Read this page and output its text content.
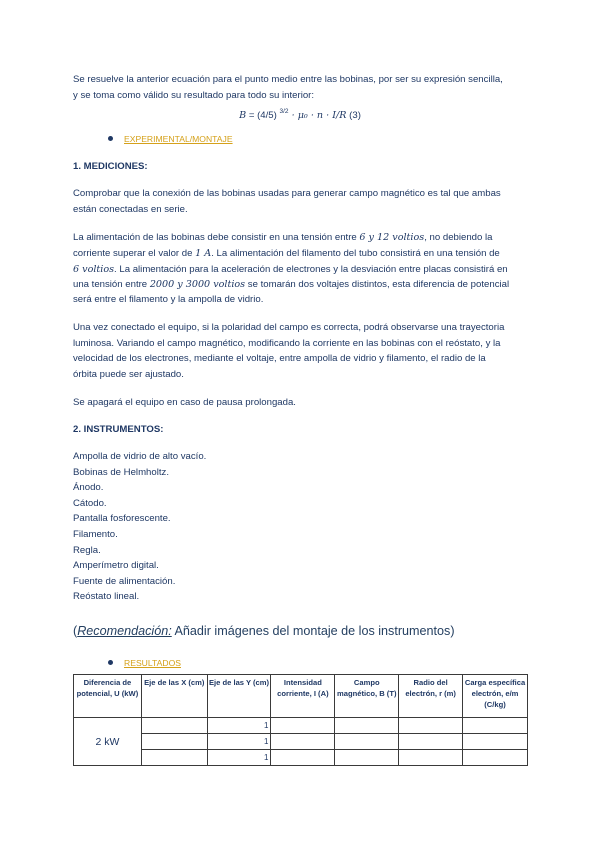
Se resuelve la anterior ecuación para el punto medio entre las bobinas, por ser su expresión sencilla,
y se toma como válido su resultado para todo su interior:
B = (4/5) $^{3/2}$ · μ₀ · n · I/R (3)
EXPERIMENTAL/MONTAJE
1. MEDICIONES:
Comprobar que la conexión de las bobinas usadas para generar campo magnético es tal que ambas
están conectadas en serie.
La alimentación de las bobinas debe consistir en una tensión entre 6 y 12 voltios, no debiendo la
corriente superar el valor de 1 A. La alimentación del filamento del tubo consistirá en una tensión de
6 voltios. La alimentación para la aceleración de electrones y la desviación entre placas consistirá en
una tensión entre 2000 y 3000 voltios se tomarán dos voltajes distintos, esta diferencia de potencial
será entre el filamento y la ampolla de vidrio.
Una vez conectado el equipo, si la polaridad del campo es correcta, podrá observarse una trayectoria
luminosa. Variando el campo magnético, modificando la corriente en las bobinas con el reóstato, y la
velocidad de los electrones, mediante el voltaje, entre ampolla de vidrio y filamento, el radio de la
órbita puede ser ajustado.
Se apagará el equipo en caso de pausa prolongada.
2. INSTRUMENTOS:
Ampolla de vidrio de alto vacío.
Bobinas de Helmholtz.
Ánodo.
Cátodo.
Pantalla fosforescente.
Filamento.
Regla.
Amperímetro digital.
Fuente de alimentación.
Reóstato lineal.
(Recomendación: Añadir imágenes del montaje de los instrumentos)
RESULTADOS
Diferencia de potencial, U (kW)	Eje de las X (cm)	Eje de las Y (cm)	Intensidad corriente, I (A)	Campo magnético, B (T)	Radio del electrón, r (m)	Carga específica electrón, e/m (C/kg)
2 kW		1				
		1				
		1				
